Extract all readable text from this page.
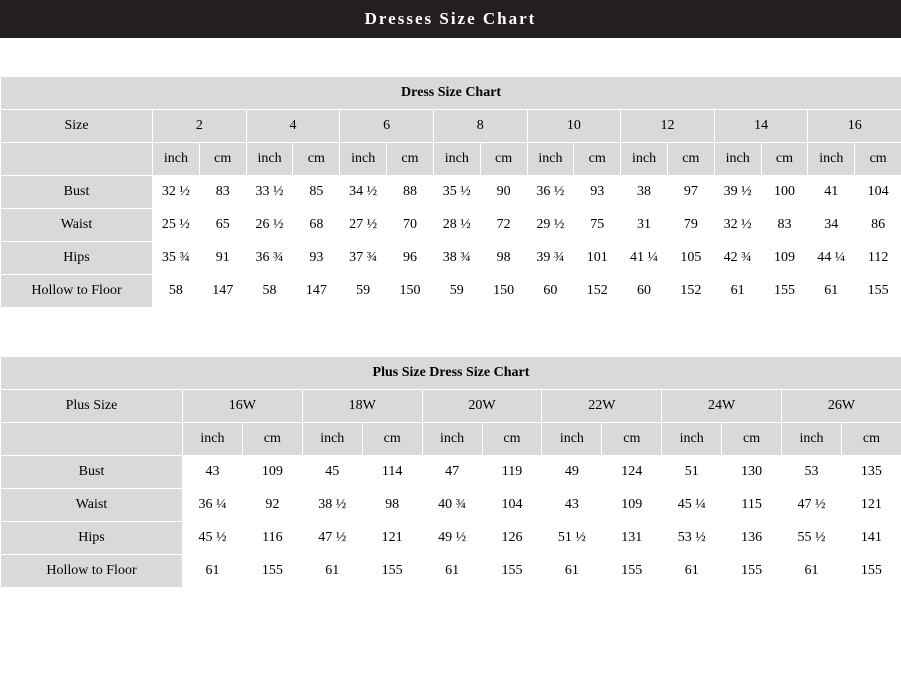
Dresses Size Chart
Dress Size Chart																
Size	2		4		6		8		10		12		14		16	
	inch	cm	inch	cm	inch	cm	inch	cm	inch	cm	inch	cm	inch	cm	inch	cm
Bust	32 ½	83	33 ½	85	34 ½	88	35 ½	90	36 ½	93	38	97	39 ½	100	41	104
Waist	25 ½	65	26 ½	68	27 ½	70	28 ½	72	29 ½	75	31	79	32 ½	83	34	86
Hips	35 ¾	91	36 ¾	93	37 ¾	96	38 ¾	98	39 ¾	101	41 ¼	105	42 ¾	109	44 ¼	112
Hollow to Floor	58	147	58	147	59	150	59	150	60	152	60	152	61	155	61	155
Plus Size Dress Size Chart												
Plus Size	16W		18W		20W		22W		24W		26W	
	inch	cm	inch	cm	inch	cm	inch	cm	inch	cm	inch	cm
Bust	43	109	45	114	47	119	49	124	51	130	53	135
Waist	36 ¼	92	38 ½	98	40 ¾	104	43	109	45 ¼	115	47 ½	121
Hips	45 ½	116	47 ½	121	49 ½	126	51 ½	131	53 ½	136	55 ½	141
Hollow to Floor	61	155	61	155	61	155	61	155	61	155	61	155
